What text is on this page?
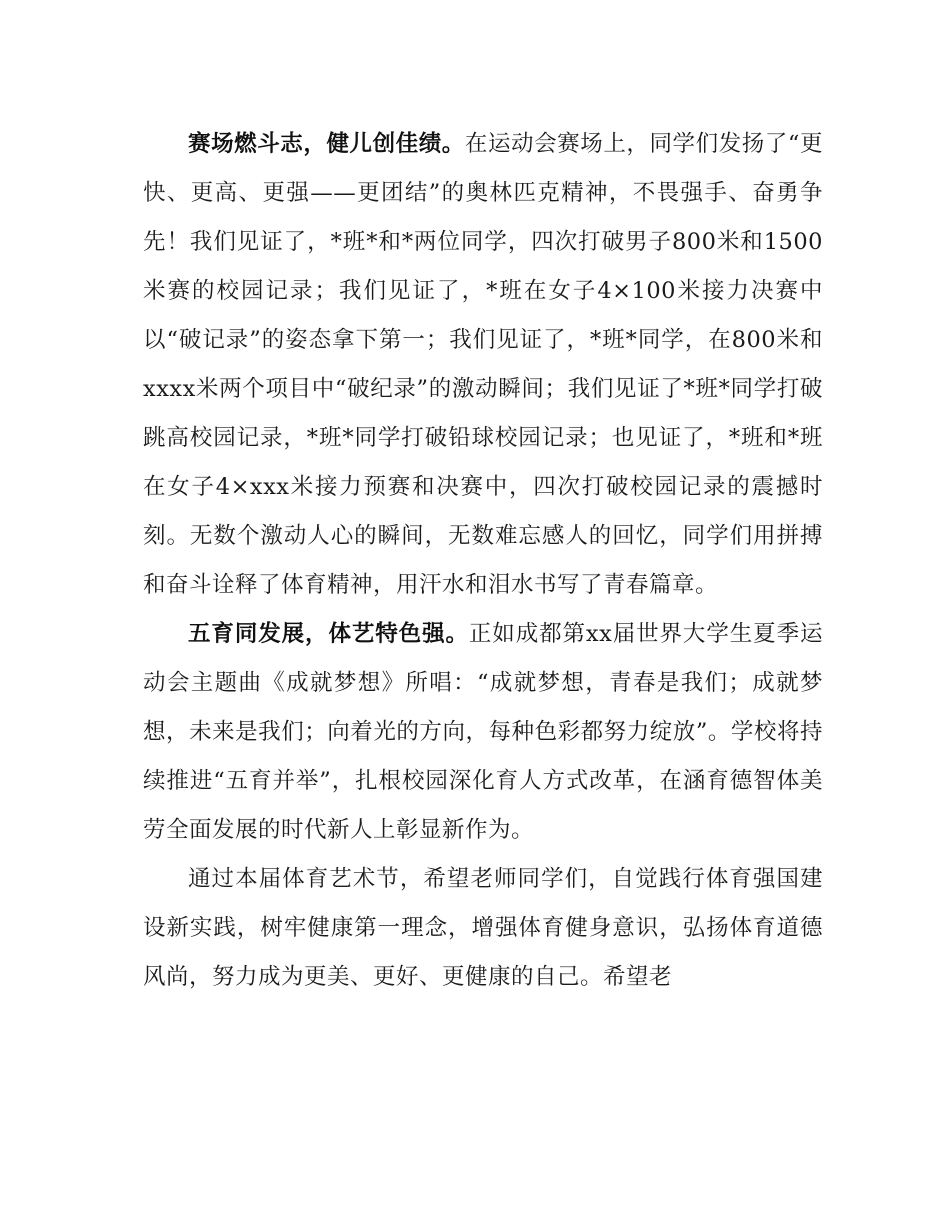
赛场燃斗志，健儿创佳绩。在运动会赛场上，同学们发扬了“更快、更高、更强——更团结”的奥林匹克精神，不畏强手、奋勇争先！我们见证了，*班*和*两位同学，四次打破男子800米和1500米赛的校园记录；我们见证了，*班在女子4×100米接力决赛中以“破记录”的姿态拿下第一；我们见证了，*班*同学，在800米和xxxx米两个项目中“破纪录”的激动瞬间；我们见证了*班*同学打破跳高校园记录，*班*同学打破铅球校园记录；也见证了，*班和*班在女子4×xxx米接力预赛和决赛中，四次打破校园记录的震撼时刻。无数个激动人心的瞬间，无数难忘感人的回忆，同学们用拼搏和奋斗诠释了体育精神，用汗水和泪水书写了青春篇章。

五育同发展，体艺特色强。正如成都第xx届世界大学生夏季运动会主题曲《成就梦想》所唱：“成就梦想，青春是我们；成就梦想，未来是我们；向着光的方向，每种色彩都努力绽放”。学校将持续推进“五育并举”，扎根校园深化育人方式改革，在涵育德智体美劳全面发展的时代新人上彰显新作为。

通过本届体育艺术节，希望老师同学们，自觉践行体育强国建设新实践，树牢健康第一理念，增强体育健身意识，弘扬体育道德风尚，努力成为更美、更好、更健康的自己。希望老
